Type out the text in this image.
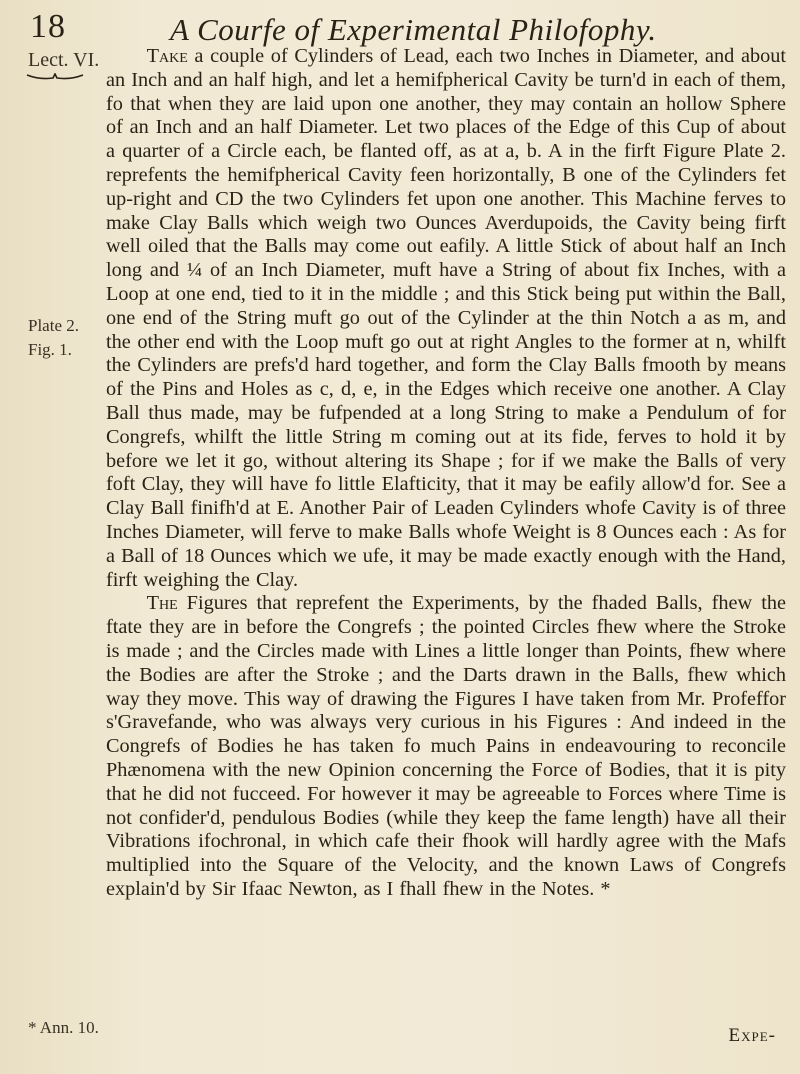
18	A Courfe of Experimental Philofophy.
Lect. VI.
Plate 2.
Fig. 1.
* Ann. 10.

Take a couple of Cylinders of Lead, each two Inches in Diameter, and about an Inch and an half high, and let a hemifpherical Cavity be turn'd in each of them, fo that when they are laid upon one another, they may contain an hollow Sphere of an Inch and an half Diameter. Let two places of the Edge of this Cup of about a quarter of a Circle each, be flanted off, as at a, b. A in the firft Figure Plate 2. reprefents the hemifpherical Cavity feen horizontally, B one of the Cylinders fet up-right and CD the two Cylinders fet upon one another. This Machine ferves to make Clay Balls which weigh two Ounces Averdupoids, the Cavity being firft well oiled that the Balls may come out eafily. A little Stick of about half an Inch long and ¼ of an Inch Diameter, muft have a String of about fix Inches, with a Loop at one end, tied to it in the middle ; and this Stick being put within the Ball, one end of the String muft go out of the Cylinder at the thin Notch a as m, and the other end with the Loop muft go out at right Angles to the former at n, whilft the Cylinders are prefs'd hard together, and form the Clay Balls fmooth by means of the Pins and Holes as c, d, e, in the Edges which receive one another. A Clay Ball thus made, may be fufpended at a long String to make a Pendulum of for Congrefs, whilft the little String m coming out at its fide, ferves to hold it by before we let it go, without altering its Shape ; for if we make the Balls of very foft Clay, they will have fo little Elafticity, that it may be eafily allow'd for. See a Clay Ball finifh'd at E. Another Pair of Leaden Cylinders whofe Cavity is of three Inches Diameter, will ferve to make Balls whofe Weight is 8 Ounces each : As for a Ball of 18 Ounces which we ufe, it may be made exactly enough with the Hand, firft weighing the Clay.

The Figures that reprefent the Experiments, by the fhaded Balls, fhew the ftate they are in before the Congrefs ; the pointed Circles fhew where the Stroke is made ; and the Circles made with Lines a little longer than Points, fhew where the Bodies are after the Stroke ; and the Darts drawn in the Balls, fhew which way they move. This way of drawing the Figures I have taken from Mr. Profeffor s'Gravefande, who was always very curious in his Figures : And indeed in the Congrefs of Bodies he has taken fo much Pains in endeavouring to reconcile Phænomena with the new Opinion concerning the Force of Bodies, that it is pity that he did not fucceed. For however it may be agreeable to Forces where Time is not confider'd, pendulous Bodies (while they keep the fame length) have all their Vibrations ifochronal, in which cafe their fhook will hardly agree with the Mafs multiplied into the Square of the Velocity, and the known Laws of Congrefs explain'd by Sir Ifaac Newton, as I fhall fhew in the Notes. *

Expe-
